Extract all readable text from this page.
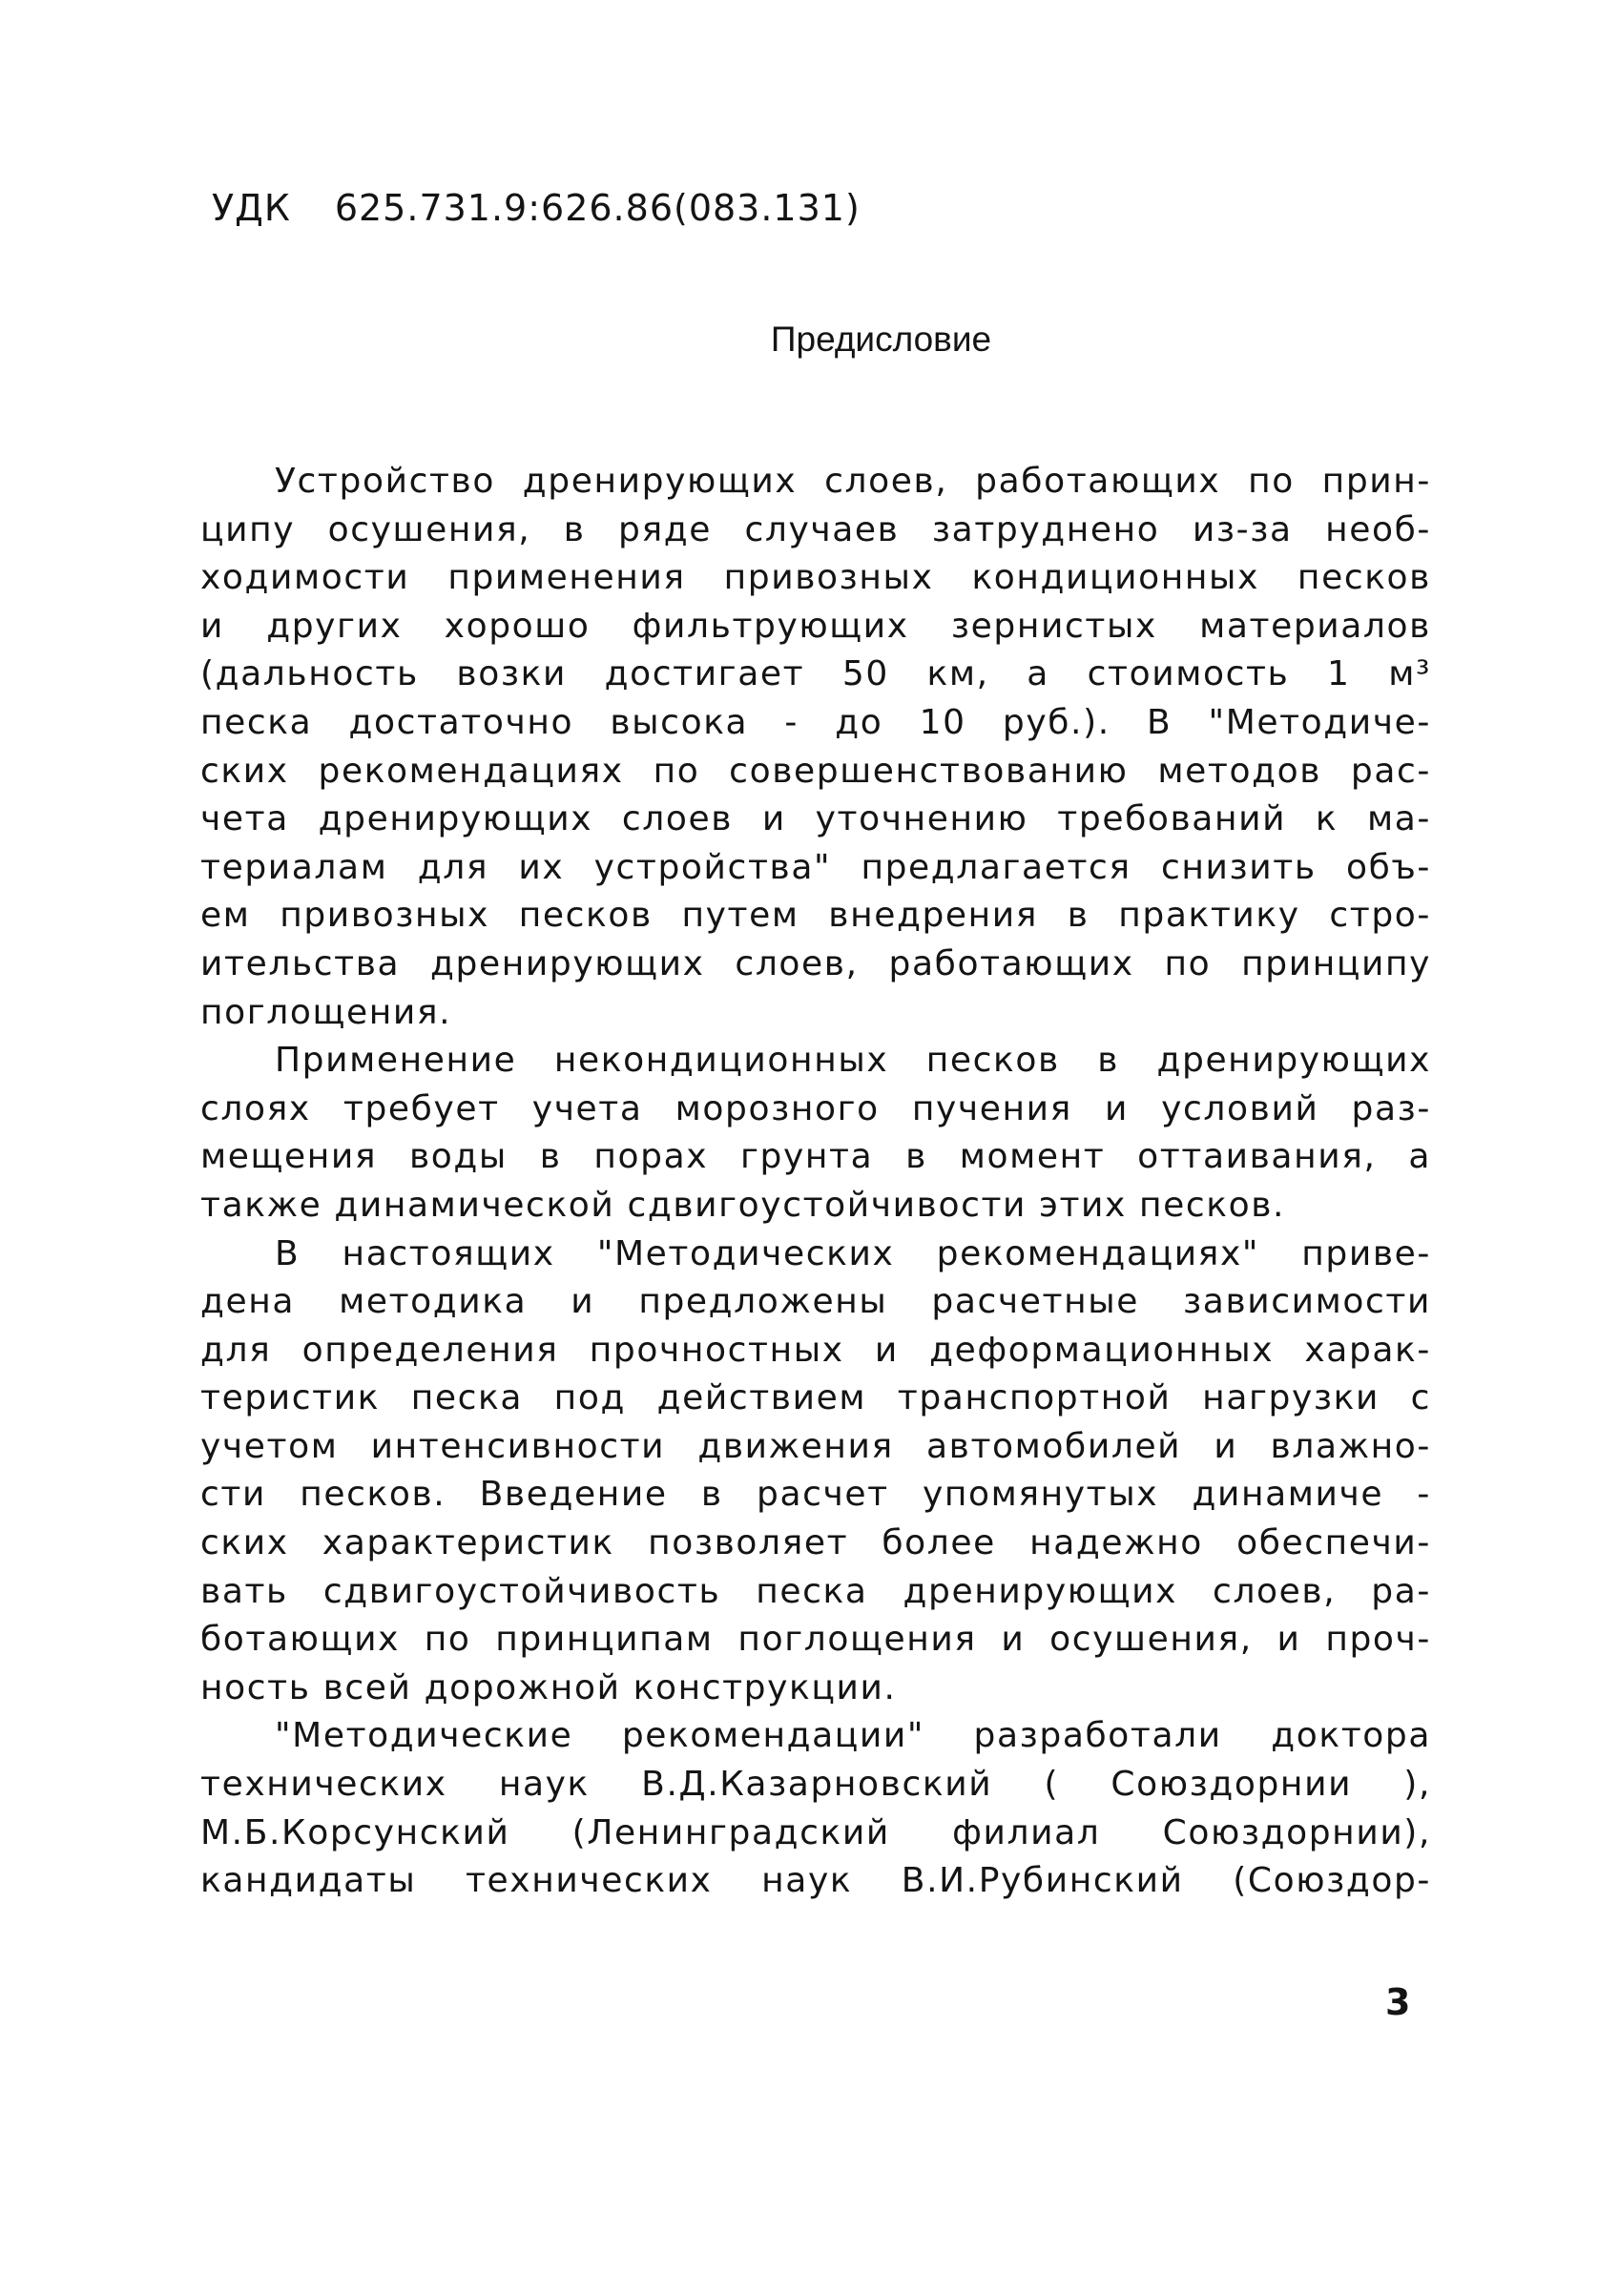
УДК 625.731.9:626.86(083.131)
Предисловие
Устройство дренирующих слоев, работающих по прин-
ципу осушения, в ряде случаев затруднено из-за необ-
ходимости применения привозных кондиционных песков
и других хорошо фильтрующих зернистых материалов
(дальность возки достигает 50 км, а стоимость 1 м³
песка достаточно высока - до 10 руб.). В "Методиче-
ских рекомендациях по совершенствованию методов рас-
чета дренирующих слоев и уточнению требований к ма-
териалам для их устройства" предлагается снизить объ-
ем привозных песков путем внедрения в практику стро-
ительства дренирующих слоев, работающих по принципу
поглощения.
Применение некондиционных песков в дренирующих
слоях требует учета морозного пучения и условий раз-
мещения воды в порах грунта в момент оттаивания, а
также динамической сдвигоустойчивости этих песков.
В настоящих "Методических рекомендациях" приве-
дена методика и предложены расчетные зависимости
для определения прочностных и деформационных харак-
теристик песка под действием транспортной нагрузки с
учетом интенсивности движения автомобилей и влажно-
сти песков. Введение в расчет упомянутых динамиче -
ских характеристик позволяет более надежно обеспечи-
вать сдвигоустойчивость песка дренирующих слоев, ра-
ботающих по принципам поглощения и осушения, и проч-
ность всей дорожной конструкции.
"Методические рекомендации" разработали доктора
технических наук В.Д.Казарновский ( Союздорнии ),
М.Б.Корсунский (Ленинградский филиал Союздорнии),
кандидаты технических наук В.И.Рубинский (Союздор-
3
